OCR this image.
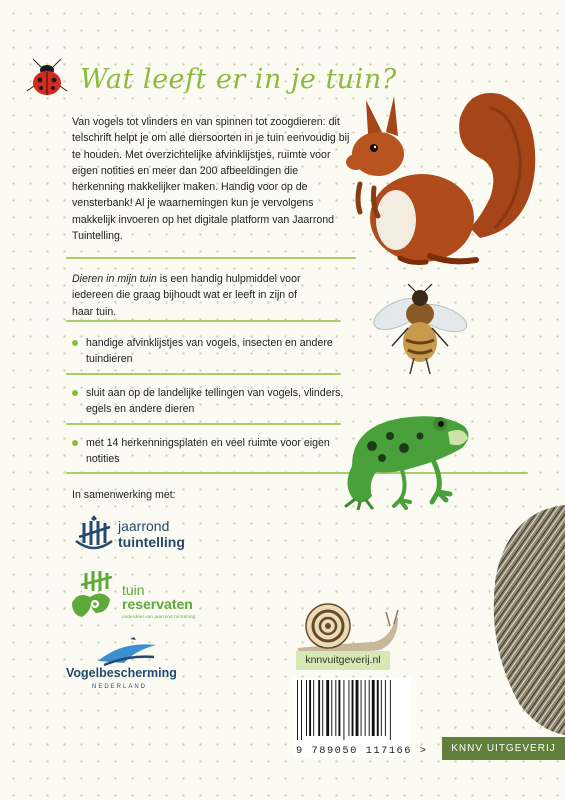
Wat leeft er in je tuin?
Van vogels tot vlinders en van spinnen tot zoogdieren: dit telschrift helpt je om alle diersoorten in je tuin eenvoudig bij te houden. Met overzichtelijke afvinklijstjes, ruimte voor eigen notities en meer dan 200 afbeeldingen die herkenning makkelijker maken. Handig voor op de vensterbank! Al je waarnemingen kun je vervolgens makkelijk invoeren op het digitale platform van Jaarrond Tuintelling.
Dieren in mijn tuin is een handig hulpmiddel voor iedereen die graag bijhoudt wat er leeft in zijn of haar tuin.
handige afvinklijstjes van vogels, insecten en andere tuindieren
sluit aan op de landelijke tellingen van vogels, vlinders, egels en andere dieren
met 14 herkenningsplaten en veel ruimte voor eigen notities
In samenwerking met:
jaarrond
tuintelling
tuin
reservaten
onderdeel van jaarrond tuintelling
Vogelbescherming
NEDERLAND
knnvuitgeverij.nl
9 789050 117166 >	KNNV UITGEVERIJ
